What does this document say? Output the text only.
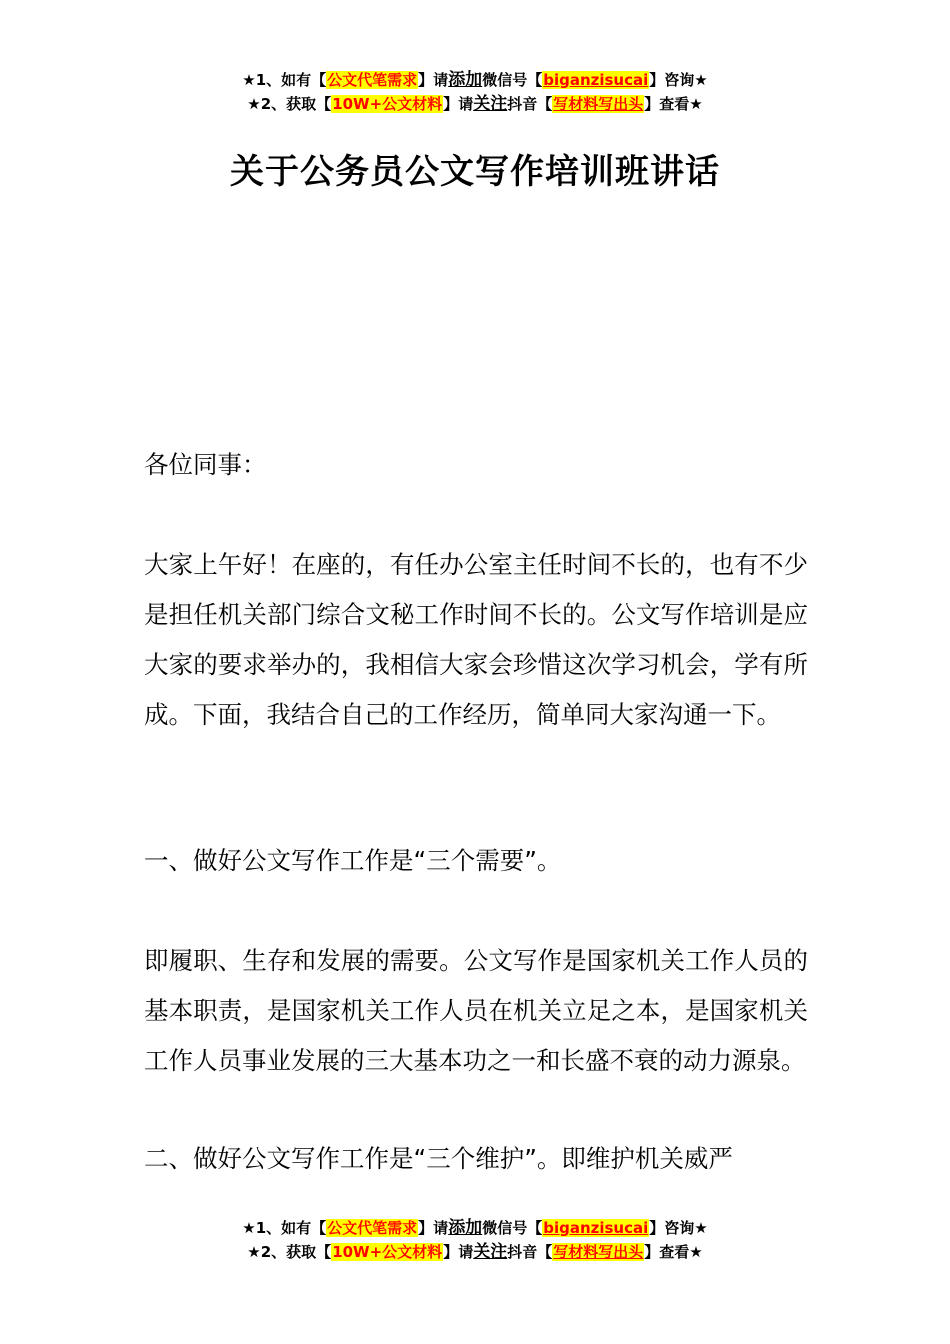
★1、如有【公文代笔需求】请添加微信号【biganzisucai】咨询★
★2、获取【10W+公文材料】请关注抖音【写材料写出头】查看★
关于公务员公文写作培训班讲话

各位同事：

大家上午好！在座的，有任办公室主任时间不长的，也有不少是担任机关部门综合文秘工作时间不长的。公文写作培训是应大家的要求举办的，我相信大家会珍惜这次学习机会，学有所成。下面，我结合自己的工作经历，简单同大家沟通一下。

一、做好公文写作工作是“三个需要”。

即履职、生存和发展的需要。公文写作是国家机关工作人员的基本职责，是国家机关工作人员在机关立足之本，是国家机关工作人员事业发展的三大基本功之一和长盛不衰的动力源泉。

二、做好公文写作工作是“三个维护”。即维护机关威严

★1、如有【公文代笔需求】请添加微信号【biganzisucai】咨询★
★2、获取【10W+公文材料】请关注抖音【写材料写出头】查看★
